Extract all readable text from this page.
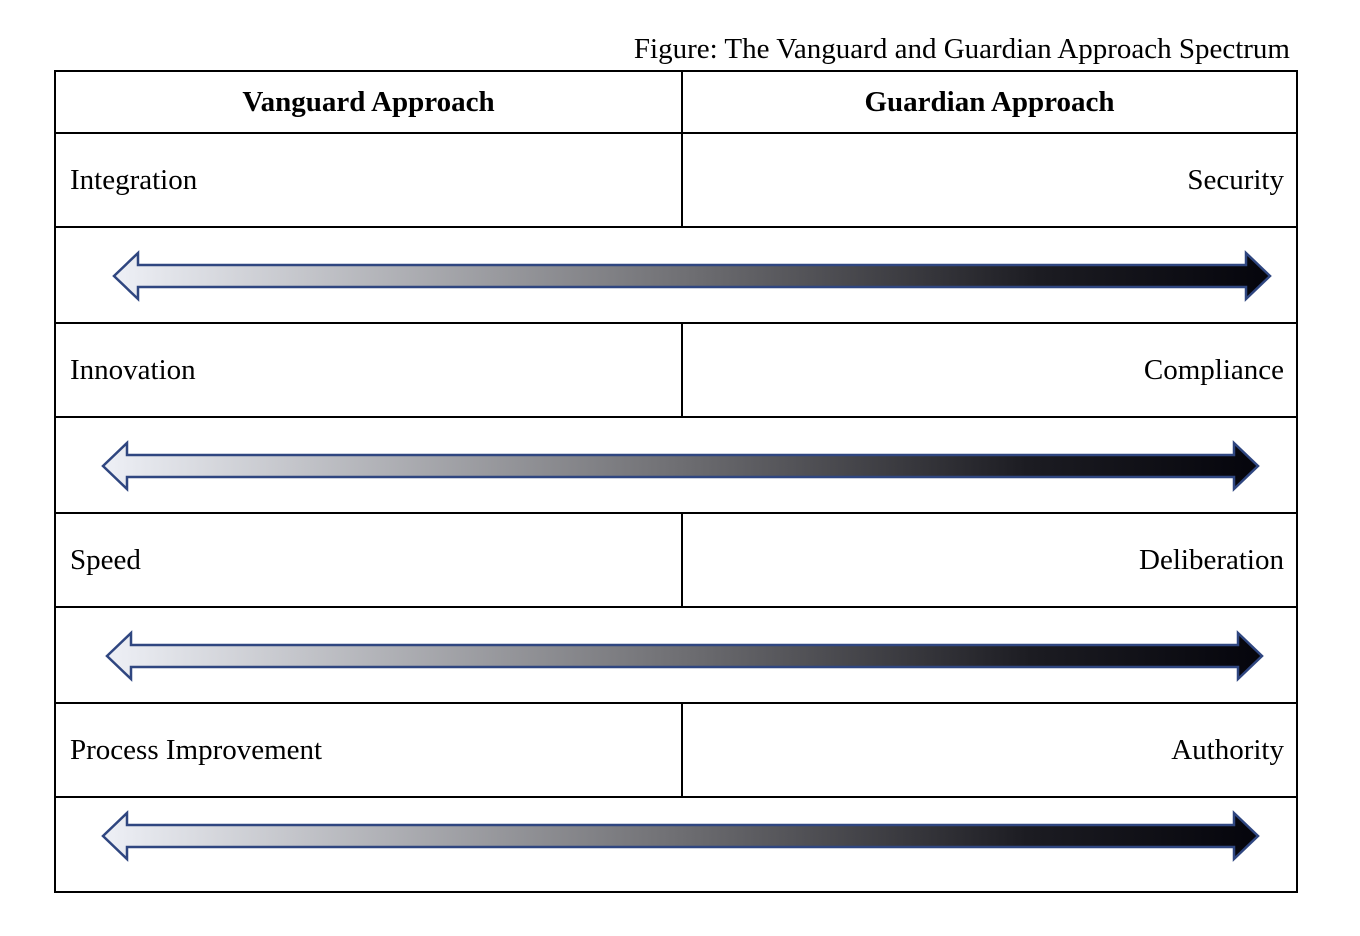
Figure: The Vanguard and Guardian Approach Spectrum
Vanguard Approach	Guardian Approach
Integration	Security
Innovation	Compliance
Speed	Deliberation
Process Improvement	Authority
